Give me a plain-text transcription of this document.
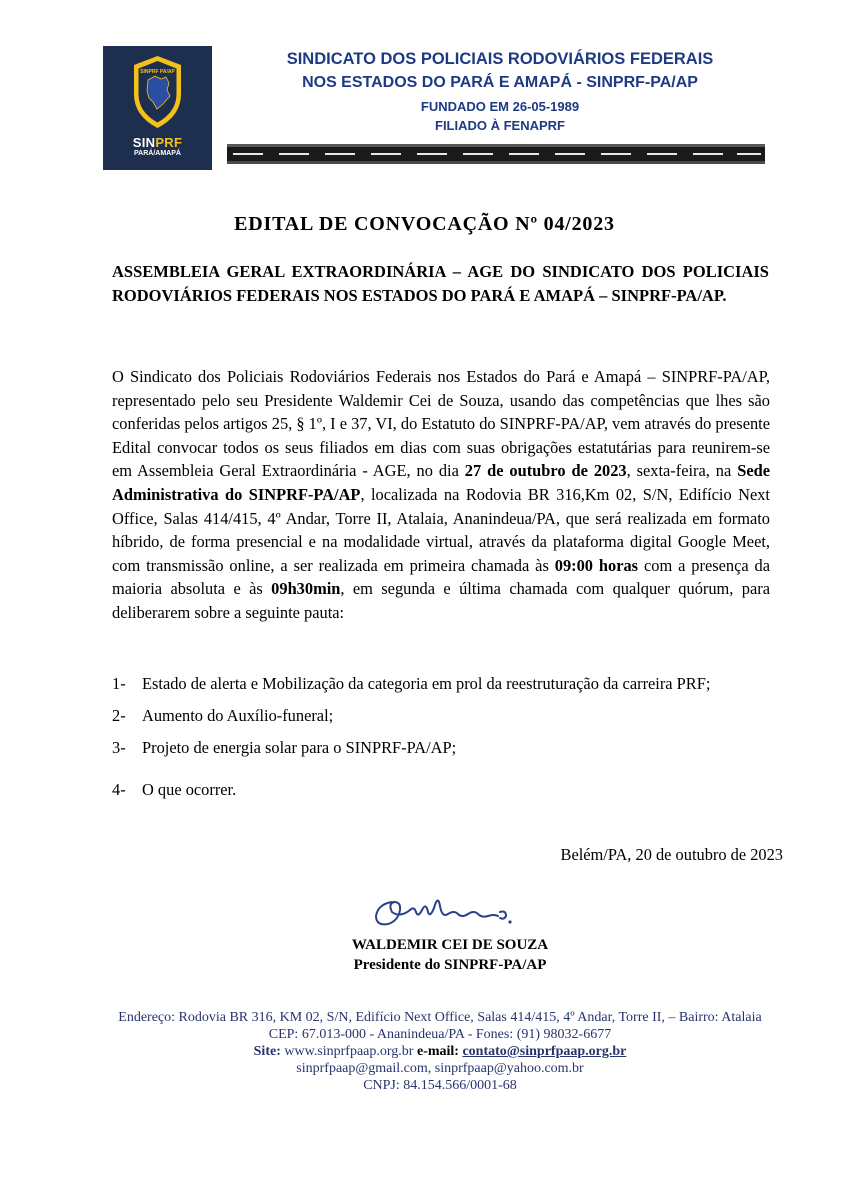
SINPRF PA/AP
SINPRF
PARÁ/AMAPÁ
SINDICATO DOS POLICIAIS RODOVIÁRIOS FEDERAIS
NOS ESTADOS DO PARÁ E AMAPÁ - SINPRF-PA/AP
FUNDADO EM 26-05-1989
FILIADO À FENAPRF
EDITAL DE CONVOCAÇÃO Nº 04/2023
ASSEMBLEIA GERAL EXTRAORDINÁRIA – AGE DO SINDICATO DOS POLICIAIS RODOVIÁRIOS FEDERAIS NOS ESTADOS DO PARÁ E AMAPÁ – SINPRF-PA/AP.
O Sindicato dos Policiais Rodoviários Federais nos Estados do Pará e Amapá – SINPRF-PA/AP, representado pelo seu Presidente Waldemir Cei de Souza, usando das competências que lhes são conferidas pelos artigos 25, § 1º, I e 37, VI, do Estatuto do SINPRF-PA/AP, vem através do presente Edital convocar todos os seus filiados em dias com suas obrigações estatutárias para reunirem-se em Assembleia Geral Extraordinária - AGE, no dia 27 de outubro de 2023, sexta-feira, na Sede Administrativa do SINPRF-PA/AP, localizada na Rodovia BR 316,Km 02, S/N, Edifício Next Office, Salas 414/415, 4º Andar, Torre II, Atalaia, Ananindeua/PA, que será realizada em formato híbrido, de forma presencial e na modalidade virtual, através da plataforma digital Google Meet, com transmissão online, a ser realizada em primeira chamada às 09:00 horas com a presença da maioria absoluta e às 09h30min, em segunda e última chamada com qualquer quórum, para deliberarem sobre a seguinte pauta:
1- Estado de alerta e Mobilização da categoria em prol da reestruturação da carreira PRF;
2- Aumento do Auxílio-funeral;
3- Projeto de energia solar para o SINPRF-PA/AP;
4- O que ocorrer.
Belém/PA, 20 de outubro de 2023
WALDEMIR CEI DE SOUZA
Presidente do SINPRF-PA/AP
Endereço: Rodovia BR 316, KM 02, S/N, Edifício Next Office, Salas 414/415, 4º Andar, Torre II, – Bairro: Atalaia
CEP: 67.013-000 - Ananindeua/PA - Fones: (91) 98032-6677
Site: www.sinprfpaap.org.br e-mail: contato@sinprfpaap.org.br
sinprfpaap@gmail.com, sinprfpaap@yahoo.com.br
CNPJ: 84.154.566/0001-68
